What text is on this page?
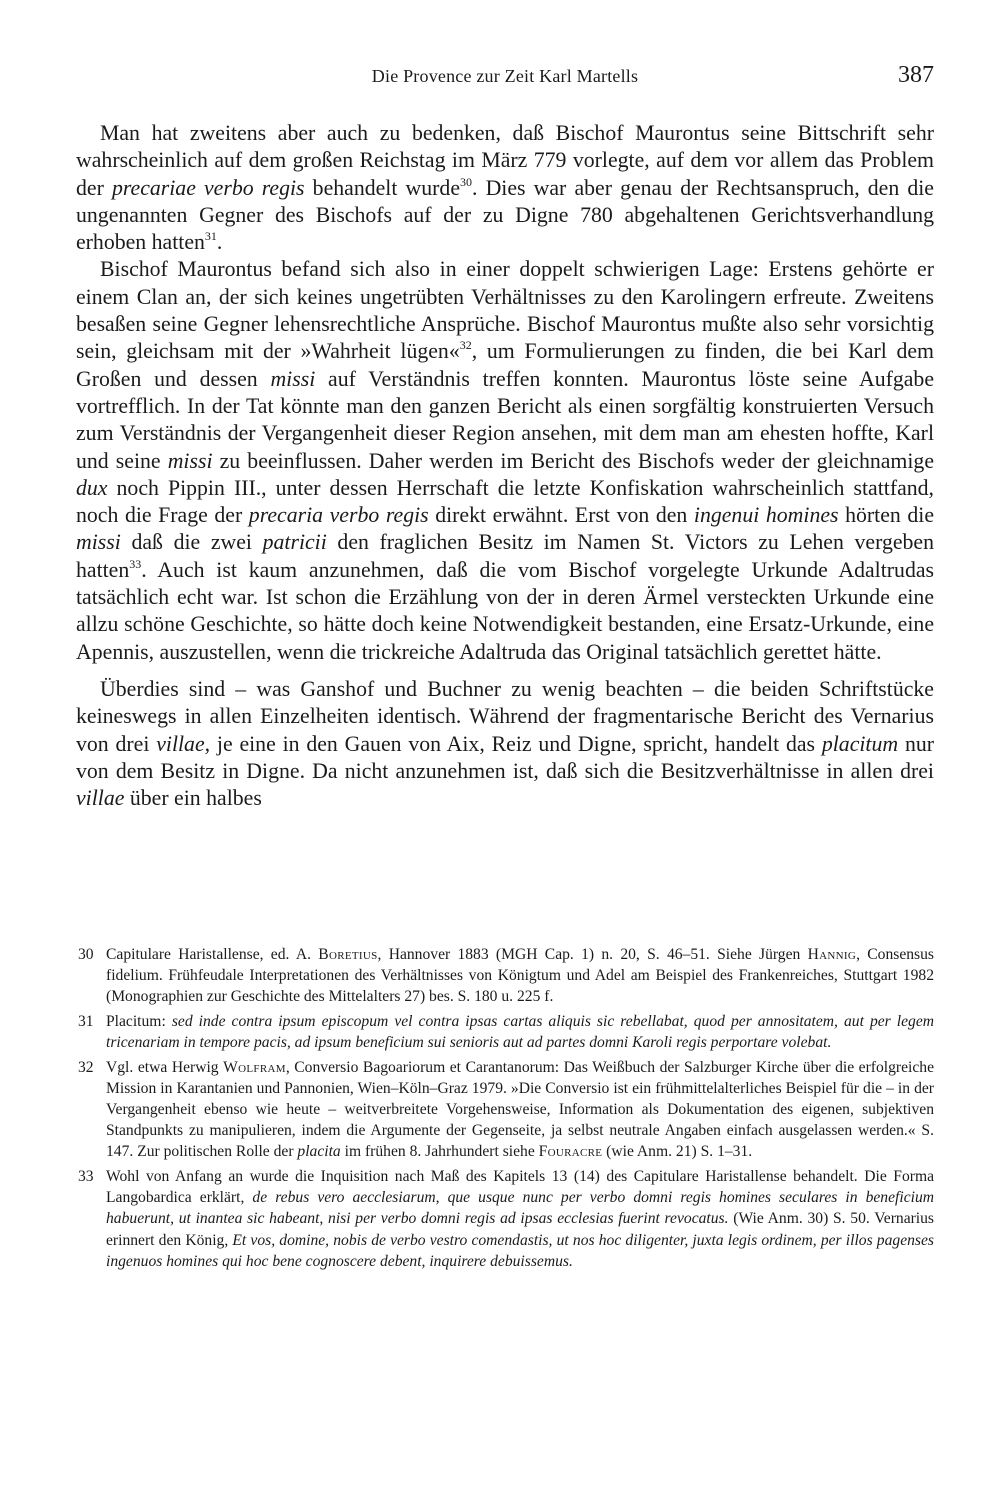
Die Provence zur Zeit Karl Martells	387

Man hat zweitens aber auch zu bedenken, daß Bischof Maurontus seine Bittschrift sehr wahrscheinlich auf dem großen Reichstag im März 779 vorlegte, auf dem vor allem das Problem der precariae verbo regis behandelt wurde$^{30}$. Dies war aber genau der Rechtsanspruch, den die ungenannten Gegner des Bischofs auf der zu Digne 780 abgehaltenen Gerichtsverhandlung erhoben hatten$^{31}$.

Bischof Maurontus befand sich also in einer doppelt schwierigen Lage: Erstens gehörte er einem Clan an, der sich keines ungetrübten Verhältnisses zu den Karolingern erfreute. Zweitens besaßen seine Gegner lehensrechtliche Ansprüche. Bischof Maurontus mußte also sehr vorsichtig sein, gleichsam mit der »Wahrheit lügen«$^{32}$, um Formulierungen zu finden, die bei Karl dem Großen und dessen missi auf Verständnis treffen konnten. Maurontus löste seine Aufgabe vortrefflich. In der Tat könnte man den ganzen Bericht als einen sorgfältig konstruierten Versuch zum Verständnis der Vergangenheit dieser Region ansehen, mit dem man am ehesten hoffte, Karl und seine missi zu beeinflussen. Daher werden im Bericht des Bischofs weder der gleichnamige dux noch Pippin III., unter dessen Herrschaft die letzte Konfiskation wahrscheinlich stattfand, noch die Frage der precaria verbo regis direkt erwähnt. Erst von den ingenui homines hörten die missi daß die zwei patricii den fraglichen Besitz im Namen St. Victors zu Lehen vergeben hatten$^{33}$. Auch ist kaum anzunehmen, daß die vom Bischof vorgelegte Urkunde Adaltrudas tatsächlich echt war. Ist schon die Erzählung von der in deren Ärmel versteckten Urkunde eine allzu schöne Geschichte, so hätte doch keine Notwendigkeit bestanden, eine Ersatz-Urkunde, eine Apennis, auszustellen, wenn die trickreiche Adaltruda das Original tatsächlich gerettet hätte.

Überdies sind – was Ganshof und Buchner zu wenig beachten – die beiden Schriftstücke keineswegs in allen Einzelheiten identisch. Während der fragmentarische Bericht des Vernarius von drei villae, je eine in den Gauen von Aix, Reiz und Digne, spricht, handelt das placitum nur von dem Besitz in Digne. Da nicht anzunehmen ist, daß sich die Besitzverhältnisse in allen drei villae über ein halbes

30 Capitulare Haristallense, ed. A. Boretius, Hannover 1883 (MGH Cap. 1) n. 20, S. 46–51. Siehe Jürgen Hannig, Consensus fidelium. Frühfeudale Interpretationen des Verhältnisses von Königtum und Adel am Beispiel des Frankenreiches, Stuttgart 1982 (Monographien zur Geschichte des Mittelalters 27) bes. S. 180 u. 225 f.
31 Placitum: sed inde contra ipsum episcopum vel contra ipsas cartas aliquis sic rebellabat, quod per annositatem, aut per legem tricenariam in tempore pacis, ad ipsum beneficium sui senioris aut ad partes domni Karoli regis perportare volebat.
32 Vgl. etwa Herwig Wolfram, Conversio Bagoariorum et Carantanorum: Das Weißbuch der Salzburger Kirche über die erfolgreiche Mission in Karantanien und Pannonien, Wien–Köln–Graz 1979. »Die Conversio ist ein frühmittelalterliches Beispiel für die – in der Vergangenheit ebenso wie heute – weitverbreitete Vorgehensweise, Information als Dokumentation des eigenen, subjektiven Standpunkts zu manipulieren, indem die Argumente der Gegenseite, ja selbst neutrale Angaben einfach ausgelassen werden.« S. 147. Zur politischen Rolle der placita im frühen 8. Jahrhundert siehe Fouracre (wie Anm. 21) S. 1–31.
33 Wohl von Anfang an wurde die Inquisition nach Maß des Kapitels 13 (14) des Capitulare Haristallense behandelt. Die Forma Langobardica erklärt, de rebus vero aecclesiarum, que usque nunc per verbo domni regis homines seculares in beneficium habuerunt, ut inantea sic habeant, nisi per verbo domni regis ad ipsas ecclesias fuerint revocatus. (Wie Anm. 30) S. 50. Vernarius erinnert den König, Et vos, domine, nobis de verbo vestro comendastis, ut nos hoc diligenter, juxta legis ordinem, per illos pagenses ingenuos homines qui hoc bene cognoscere debent, inquirere debuissemus.
